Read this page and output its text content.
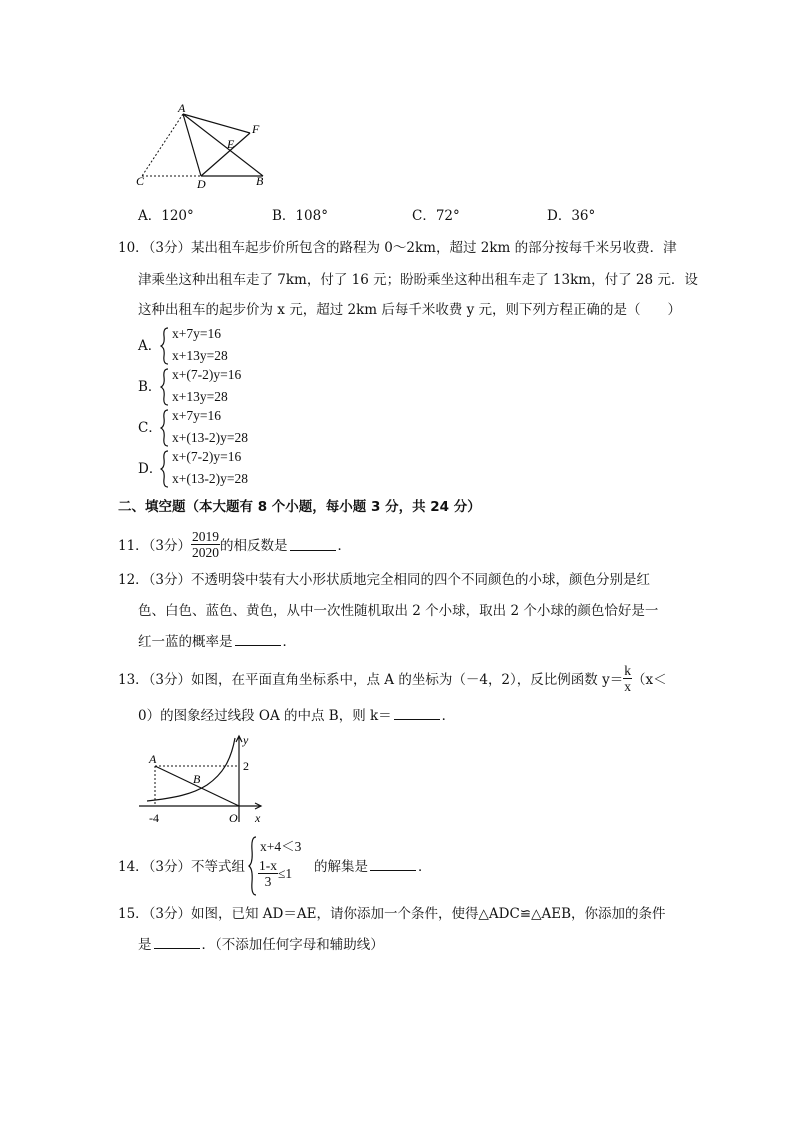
A
E
F
C	D	B
A．120°	B．108°	C．72°	D．36°
10．（3分）某出租车起步价所包含的路程为 0～2km，超过 2km 的部分按每千米另收费．津
津乘坐这种出租车走了 7km，付了 16 元；盼盼乘坐这种出租车走了 13km，付了 28 元．设
这种出租车的起步价为 x 元，超过 2km 后每千米收费 y 元，则下列方程正确的是（　　）
A．
x+7y=16
x+13y=28
B．
x+(7-2)y=16
x+13y=28
C．
x+7y=16
x+(13-2)y=28
D．
x+(7-2)y=16
x+(13-2)y=28
二、填空题（本大题有 8 个小题，每小题 3 分，共 24 分）
11．（3分） $\frac{2019}{2020}$ 的相反数是	．
12．（3分）不透明袋中装有大小形状质地完全相同的四个不同颜色的小球，颜色分别是红
色、白色、蓝色、黄色，从中一次性随机取出 2 个小球，取出 2 个小球的颜色恰好是一
红一蓝的概率是	．
13．（3分）如图，在平面直角坐标系中，点 A 的坐标为（－4，2），反比例函数 $y= \frac{k}{x} (x<$
0）的图象经过线段 OA 的中点 B，则 k＝	．
y
A
B
2
-4	O x
14．（3分）不等式组
x+4＜3
$\frac{1-x}{3} \le 1$ 的解集是	．
15．（3分）如图，已知 AD＝AE，请你添加一个条件，使得△ADC≌△AEB，你添加的条件
是	．（不添加任何字母和辅助线）
